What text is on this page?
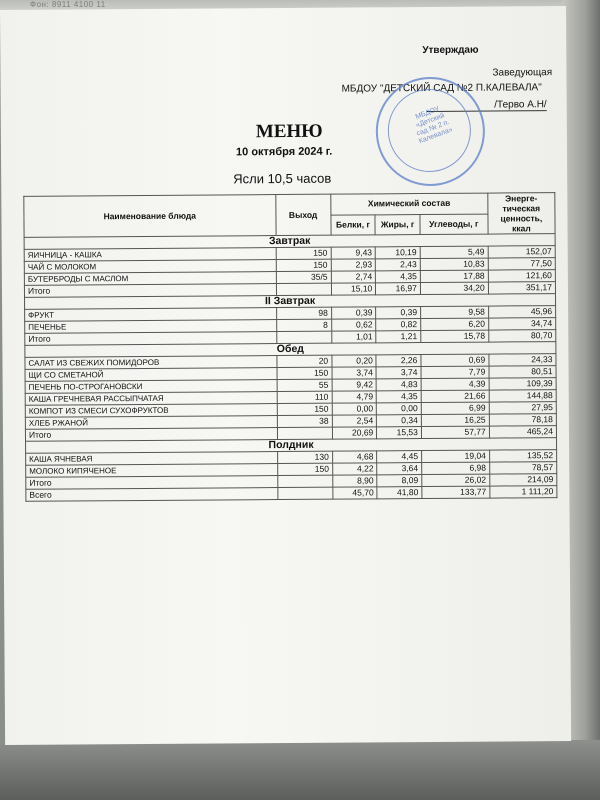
Фон: 8911 4100 11
Утверждаю
Заведующая
МБДОУ "ДЕТСКИЙ САД №2 П.КАЛЕВАЛА"
/Терво А.Н/
МБДОУ «Детский сад № 2 п. Калевала»
МЕНЮ
10 октября 2024 г.
Ясли 10,5 часов
Наименование блюда	Выход	Химический состав			Энерге-тическая ценность, ккал
		Белки, г	Жиры, г	Углеводы, г	
Завтрак					
ЯИЧНИЦА - КАШКА	150	9,43	10,19	5,49	152,07
ЧАЙ С МОЛОКОМ	150	2,93	2,43	10,83	77,50
БУТЕРБРОДЫ С МАСЛОМ	35/5	2,74	4,35	17,88	121,60
Итого		15,10	16,97	34,20	351,17
II Завтрак					
ФРУКТ	98	0,39	0,39	9,58	45,96
ПЕЧЕНЬЕ	8	0,62	0,82	6,20	34,74
Итого		1,01	1,21	15,78	80,70
Обед					
САЛАТ ИЗ СВЕЖИХ ПОМИДОРОВ	20	0,20	2,26	0,69	24,33
ЩИ СО СМЕТАНОЙ	150	3,74	3,74	7,79	80,51
ПЕЧЕНЬ ПО-СТРОГАНОВСКИ	55	9,42	4,83	4,39	109,39
КАША ГРЕЧНЕВАЯ РАССЫПЧАТАЯ	110	4,79	4,35	21,66	144,88
КОМПОТ ИЗ СМЕСИ СУХОФРУКТОВ	150	0,00	0,00	6,99	27,95
ХЛЕБ РЖАНОЙ	38	2,54	0,34	16,25	78,18
Итого		20,69	15,53	57,77	465,24
Полдник					
КАША ЯЧНЕВАЯ	130	4,68	4,45	19,04	135,52
МОЛОКО КИПЯЧЕНОЕ	150	4,22	3,64	6,98	78,57
Итого		8,90	8,09	26,02	214,09
Всего		45,70	41,80	133,77	1 111,20
